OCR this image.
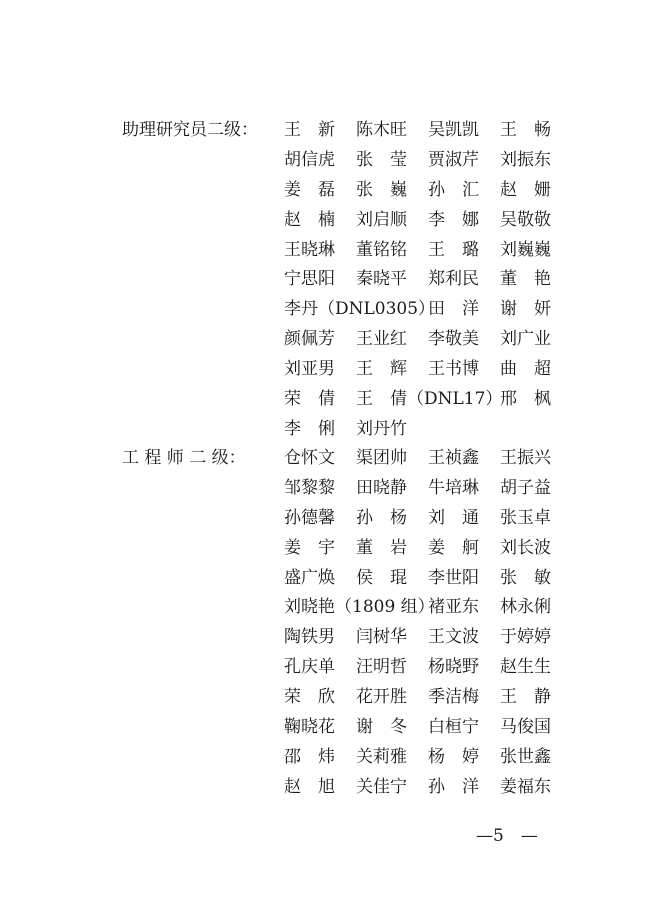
助理研究员二级：	王　新 陈木旺 吴凯凯 王　畅
胡信虎 张　莹 贾淑芹 刘振东
姜　磊 张　巍 孙　汇 赵　姗
赵　楠 刘启顺 李　娜 吴敬敬
王晓琳 董铭铭 王　璐 刘巍巍
宁思阳 秦晓平 郑利民 董　艳
李丹（DNL0305）
田　洋 谢　妍
颜佩芳 王业红 李敬美 刘广业
刘亚男 王　辉 王书博 曲　超
荣　倩 王　倩（DNL17）
邢　枫
李　俐 刘丹竹
工 程 师 二 级：	仓怀文 渠团帅 王祯鑫 王振兴
邹黎黎 田晓静 牛培琳 胡子益
孙德馨 孙　杨 刘　通 张玉卓
姜　宇 董　岩 姜　舸 刘长波
盛广焕 侯　琨 李世阳 张　敏
刘晓艳（1809 组）
褚亚东 林永俐
陶铁男 闫树华 王文波 于婷婷
孔庆单 汪明哲 杨晓野 赵生生
荣　欣 花开胜 季洁梅 王　静
鞠晓花 谢　冬 白桓宁 马俊国
邵　炜 关莉雅 杨　婷 张世鑫
赵　旭 关佳宁 孙　洋 姜福东
—5　—
